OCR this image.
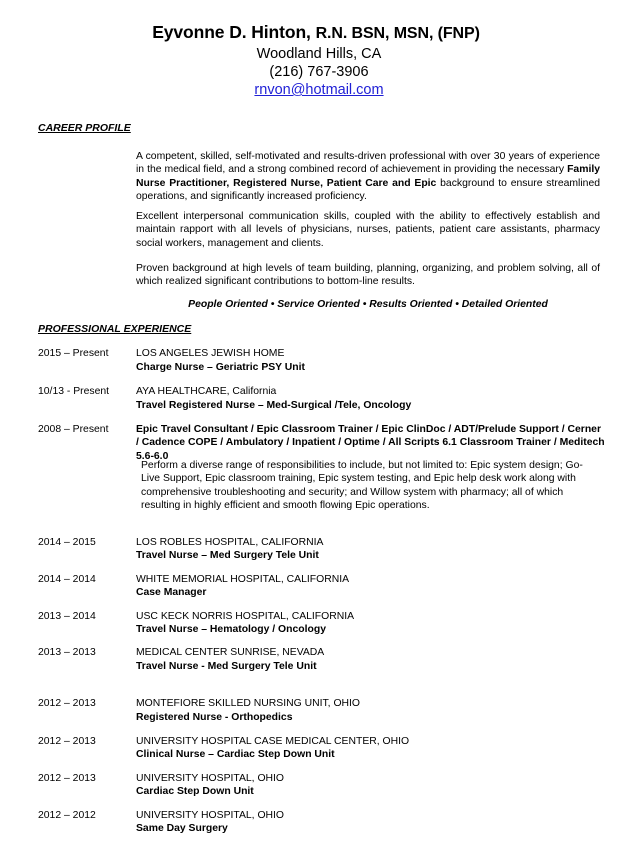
Eyvonne D. Hinton, R.N. BSN, MSN, (FNP)
Woodland Hills, CA
(216) 767-3906
rnvon@hotmail.com
CAREER PROFILE

A competent, skilled, self-motivated and results-driven professional with over 30 years of experience in the medical field, and a strong combined record of achievement in providing the necessary Family Nurse Practitioner, Registered Nurse, Patient Care and Epic background to ensure streamlined operations, and significantly increased proficiency.

Excellent interpersonal communication skills, coupled with the ability to effectively establish and maintain rapport with all levels of physicians, nurses, patients, patient care assistants, pharmacy social workers, management and clients.

Proven background at high levels of team building, planning, organizing, and problem solving, all of which realized significant contributions to bottom-line results.

People Oriented • Service Oriented • Results Oriented • Detailed Oriented
PROFESSIONAL EXPERIENCE
2015 – Present	LOS ANGELES JEWISH HOME
Charge Nurse – Geriatric PSY Unit
10/13 - Present	AYA HEALTHCARE, California
Travel Registered Nurse – Med-Surgical /Tele, Oncology
2008 – Present	Epic Travel Consultant / Epic Classroom Trainer / Epic ClinDoc / ADT/Prelude Support / Cerner / Cadence COPE / Ambulatory / Inpatient / Optime / All Scripts 6.1 Classroom Trainer / Meditech 5.6-6.0
Perform a diverse range of responsibilities to include, but not limited to: Epic system design; Go-Live Support, Epic classroom training, Epic system testing, and Epic help desk work along with comprehensive troubleshooting and security; and Willow system with pharmacy; all of which resulting in highly efficient and smooth flowing Epic operations.
2014 – 2015	LOS ROBLES HOSPITAL, CALIFORNIA
Travel Nurse – Med Surgery Tele Unit
2014 – 2014	WHITE MEMORIAL HOSPITAL, CALIFORNIA
Case Manager
2013 – 2014	USC KECK NORRIS HOSPITAL, CALIFORNIA
Travel Nurse – Hematology / Oncology
2013 – 2013	MEDICAL CENTER SUNRISE, NEVADA
Travel Nurse - Med Surgery Tele Unit
2012 – 2013	MONTEFIORE SKILLED NURSING UNIT, OHIO
Registered Nurse - Orthopedics
2012 – 2013	UNIVERSITY HOSPITAL CASE MEDICAL CENTER, OHIO
Clinical Nurse – Cardiac Step Down Unit
2012 – 2013	UNIVERSITY HOSPITAL, OHIO
Cardiac Step Down Unit
2012 – 2012	UNIVERSITY HOSPITAL, OHIO
Same Day Surgery
